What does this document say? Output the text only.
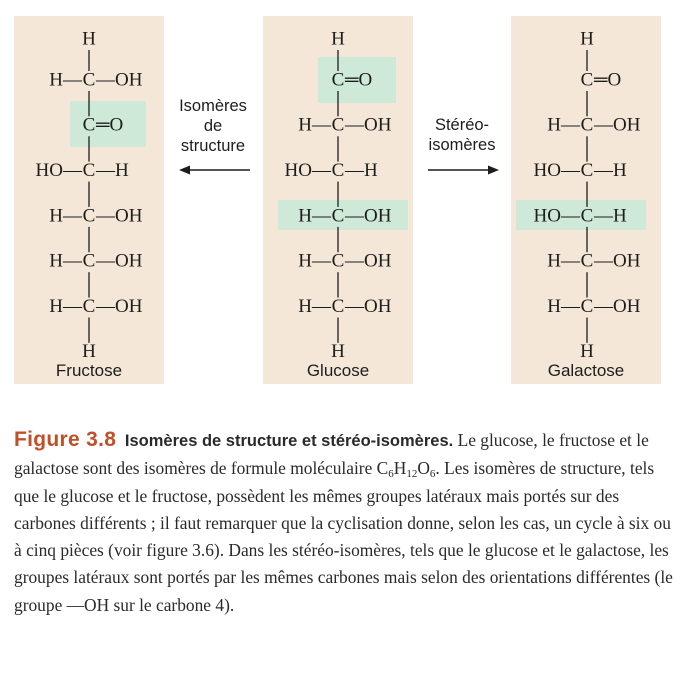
H
C
H— —OH
C ═O
C
HO— —H
C
H— —OH
C
H— —OH
C
H— —OH
H
H
C ═O
C
H— —OH
C
HO— —H
C
H— —OH
C
H— —OH
C
H— —OH
H
H
C ═O
C
H— —OH
C
HO— —H
C
HO— —H
C
H— —OH
C
H— —OH
H
Isomères
de
structure
Stéréo-
isomères
Fructose	Glucose	Galactose
Figure 3.8 Isomères de structure et stéréo-isomères. Le glucose, le fructose et le galactose sont des isomères de formule moléculaire $C_6H_{12}O_6$. Les isomères de structure, tels que le glucose et le fructose, possèdent les mêmes groupes latéraux mais portés sur des carbones différents ; il faut remarquer que la cyclisation donne, selon les cas, un cycle à six ou à cinq pièces (voir figure 3.6). Dans les stéréo-isomères, tels que le glucose et le galactose, les groupes latéraux sont portés par les mêmes carbones mais selon des orientations différentes (le groupe —OH sur le carbone 4).
